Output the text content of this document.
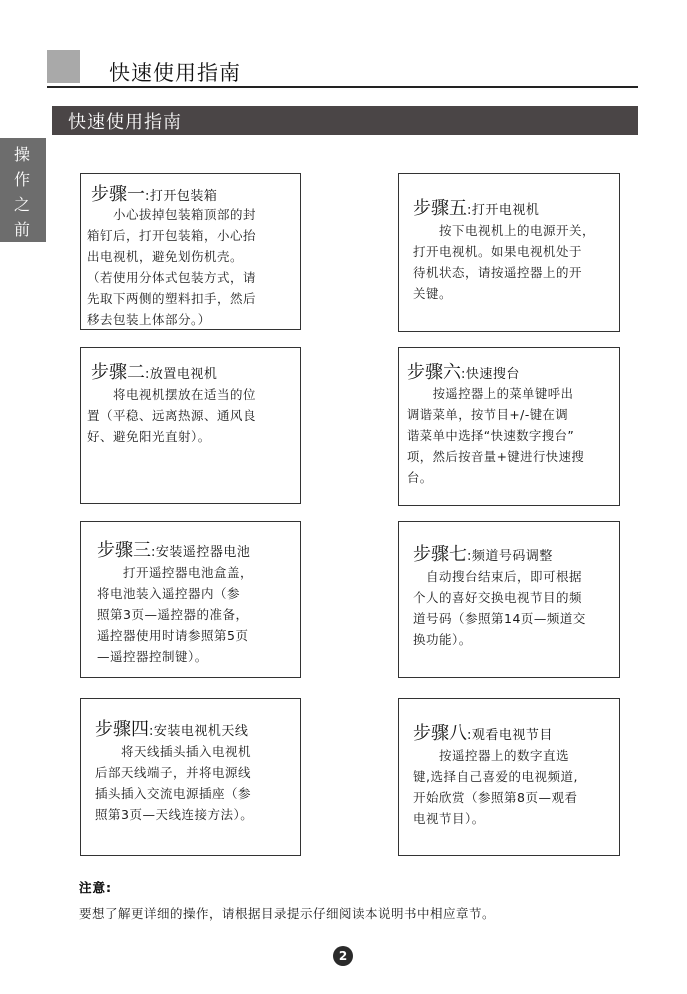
快速使用指南
快速使用指南
操
作
之
前
步骤一:打开包装箱
　　小心拔掉包装箱顶部的封
箱钉后，打开包装箱，小心抬
出电视机，避免划伤机壳。
（若使用分体式包装方式，请
先取下两侧的塑料扣手，然后
移去包装上体部分。）
步骤二:放置电视机
　　将电视机摆放在适当的位
置（平稳、远离热源、通风良
好、避免阳光直射）。
步骤三:安装遥控器电池
　　打开遥控器电池盒盖，
将电池装入遥控器内（参
照第3页—遥控器的准备，
遥控器使用时请参照第5页
—遥控器控制键）。
步骤四:安装电视机天线
　　将天线插头插入电视机
后部天线端子，并将电源线
插头插入交流电源插座（参
照第3页—天线连接方法）。
步骤五:打开电视机
　　按下电视机上的电源开关，
打开电视机。如果电视机处于
待机状态，请按遥控器上的开
关键。
步骤六:快速搜台
　　按遥控器上的菜单键呼出
调谐菜单，按节目+/-键在调
谐菜单中选择“快速数字搜台”
项，然后按音量+键进行快速搜
台。
步骤七:频道号码调整
　自动搜台结束后，即可根据
个人的喜好交换电视节目的频
道号码（参照第14页—频道交
换功能）。
步骤八:观看电视节目
　　按遥控器上的数字直选
键,选择自己喜爱的电视频道,
开始欣赏（参照第8页—观看
电视节目）。
注意:
要想了解更详细的操作，请根据目录提示仔细阅读本说明书中相应章节。
2
